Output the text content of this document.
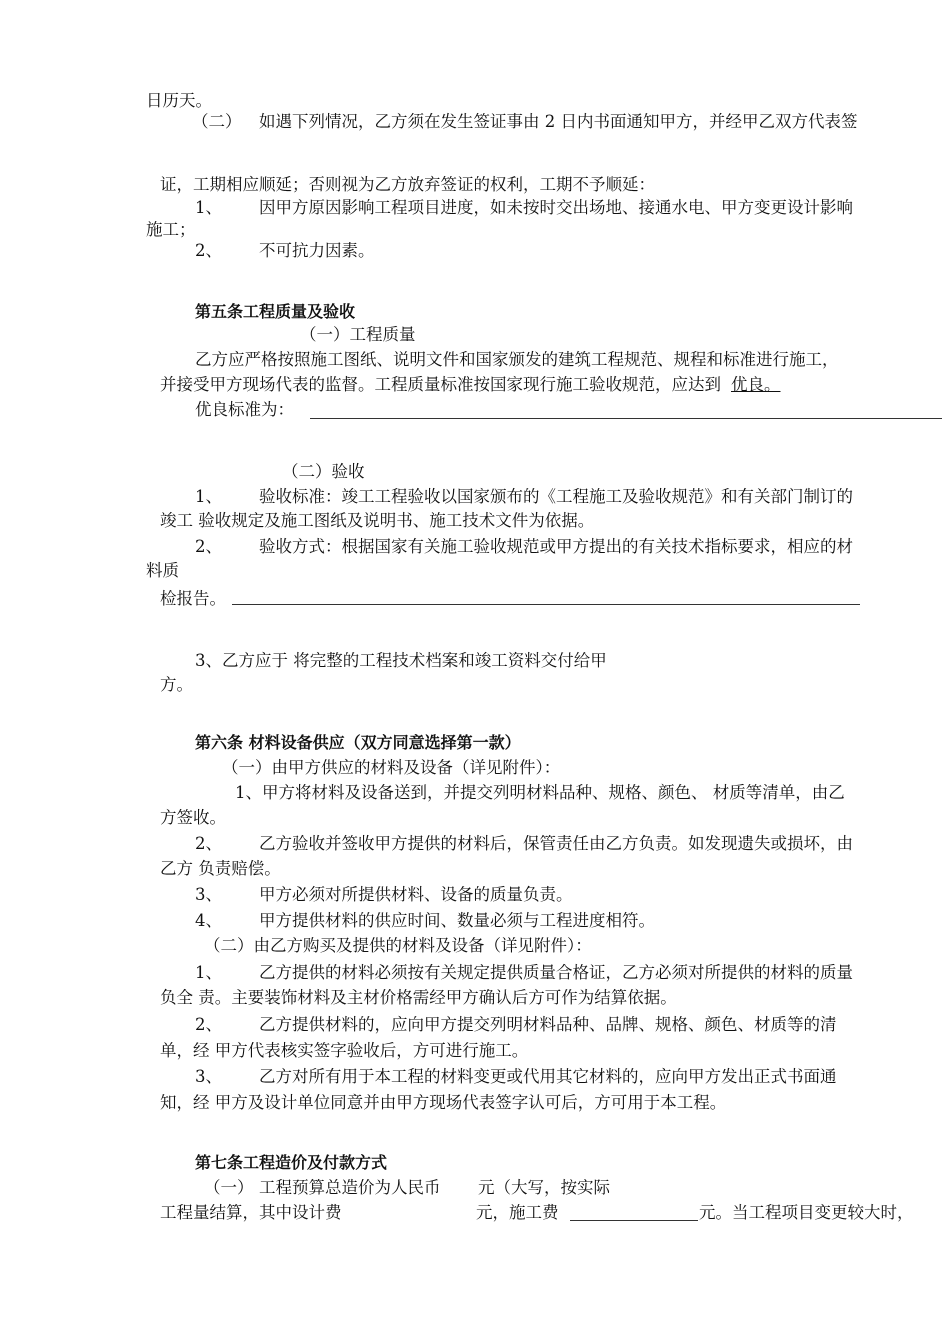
日历天。
（二） 如遇下列情况，乙方须在发生签证事由 2 日内书面通知甲方，并经甲乙双方代表签
证，工期相应顺延；否则视为乙方放弃签证的权利，工期不予顺延：
1、 因甲方原因影响工程项目进度，如未按时交出场地、接通水电、甲方变更设计影响
施工；
2、 不可抗力因素。
第五条工程质量及验收
（一）工程质量
乙方应严格按照施工图纸、说明文件和国家颁发的建筑工程规范、规程和标准进行施工，
并接受甲方现场代表的监督。工程质量标准按国家现行施工验收规范，应达到 优良。
优良标准为：
（二）验收
1、 验收标准：竣工工程验收以国家颁布的《工程施工及验收规范》和有关部门制订的
竣工 验收规定及施工图纸及说明书、施工技术文件为依据。
2、 验收方式：根据国家有关施工验收规范或甲方提出的有关技术指标要求，相应的材
料质
检报告。
3、乙方应于 将完整的工程技术档案和竣工资料交付给甲
方。
第六条 材料设备供应（双方同意选择第一款）
（一）由甲方供应的材料及设备（详见附件）：
1、甲方将材料及设备送到，并提交列明材料品种、规格、颜色、 材质等清单，由乙
方签收。
2、 乙方验收并签收甲方提供的材料后，保管责任由乙方负责。如发现遗失或损坏，由
乙方 负责赔偿。
3、 甲方必须对所提供材料、设备的质量负责。
4、 甲方提供材料的供应时间、数量必须与工程进度相符。
（二）由乙方购买及提供的材料及设备（详见附件）：
1、 乙方提供的材料必须按有关规定提供质量合格证，乙方必须对所提供的材料的质量
负全 责。主要装饰材料及主材价格需经甲方确认后方可作为结算依据。
2、 乙方提供材料的，应向甲方提交列明材料品种、品牌、规格、颜色、材质等的清
单，经 甲方代表核实签字验收后，方可进行施工。
3、 乙方对所有用于本工程的材料变更或代用其它材料的，应向甲方发出正式书面通
知，经 甲方及设计单位同意并由甲方现场代表签字认可后，方可用于本工程。
第七条工程造价及付款方式
（一） 工程预算总造价为人民币 元（大写，按实际
工程量结算，其中设计费	元，施工费	元。当工程项目变更较大时，
